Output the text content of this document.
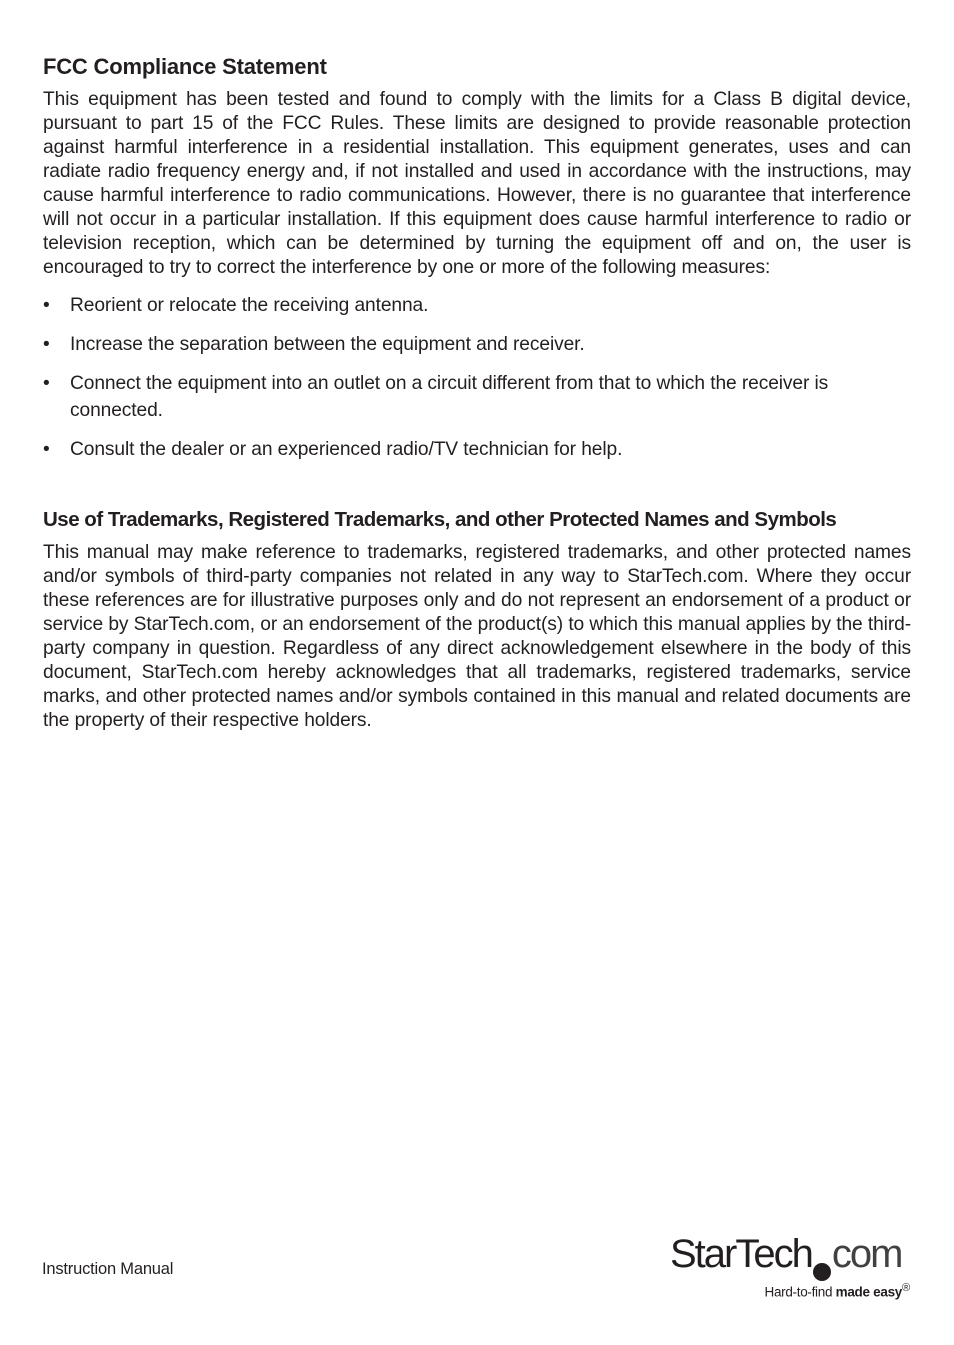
FCC Compliance Statement

This equipment has been tested and found to comply with the limits for a Class B digital device, pursuant to part 15 of the FCC Rules. These limits are designed to provide reasonable protection against harmful interference in a residential installation. This equipment generates, uses and can radiate radio frequency energy and, if not installed and used in accordance with the instructions, may cause harmful interference to radio communications. However, there is no guarantee that interference will not occur in a particular installation. If this equipment does cause harmful interference to radio or television reception, which can be determined by turning the equipment off and on, the user is encouraged to try to correct the interference by one or more of the following measures:

• Reorient or relocate the receiving antenna.
• Increase the separation between the equipment and receiver.
• Connect the equipment into an outlet on a circuit different from that to which the receiver is connected.
• Consult the dealer or an experienced radio/TV technician for help.
Use of Trademarks, Registered Trademarks, and other Protected Names and Symbols

This manual may make reference to trademarks, registered trademarks, and other protected names and/or symbols of third-party companies not related in any way to StarTech.com. Where they occur these references are for illustrative purposes only and do not represent an endorsement of a product or service by StarTech.com, or an endorsement of the product(s) to which this manual applies by the third-party company in question. Regardless of any direct acknowledgement elsewhere in the body of this document, StarTech.com hereby acknowledges that all trademarks, registered trademarks, service marks, and other protected names and/or symbols contained in this manual and related documents are the property of their respective holders.

Instruction Manual	StarTech com
Hard-to-find made easy®
